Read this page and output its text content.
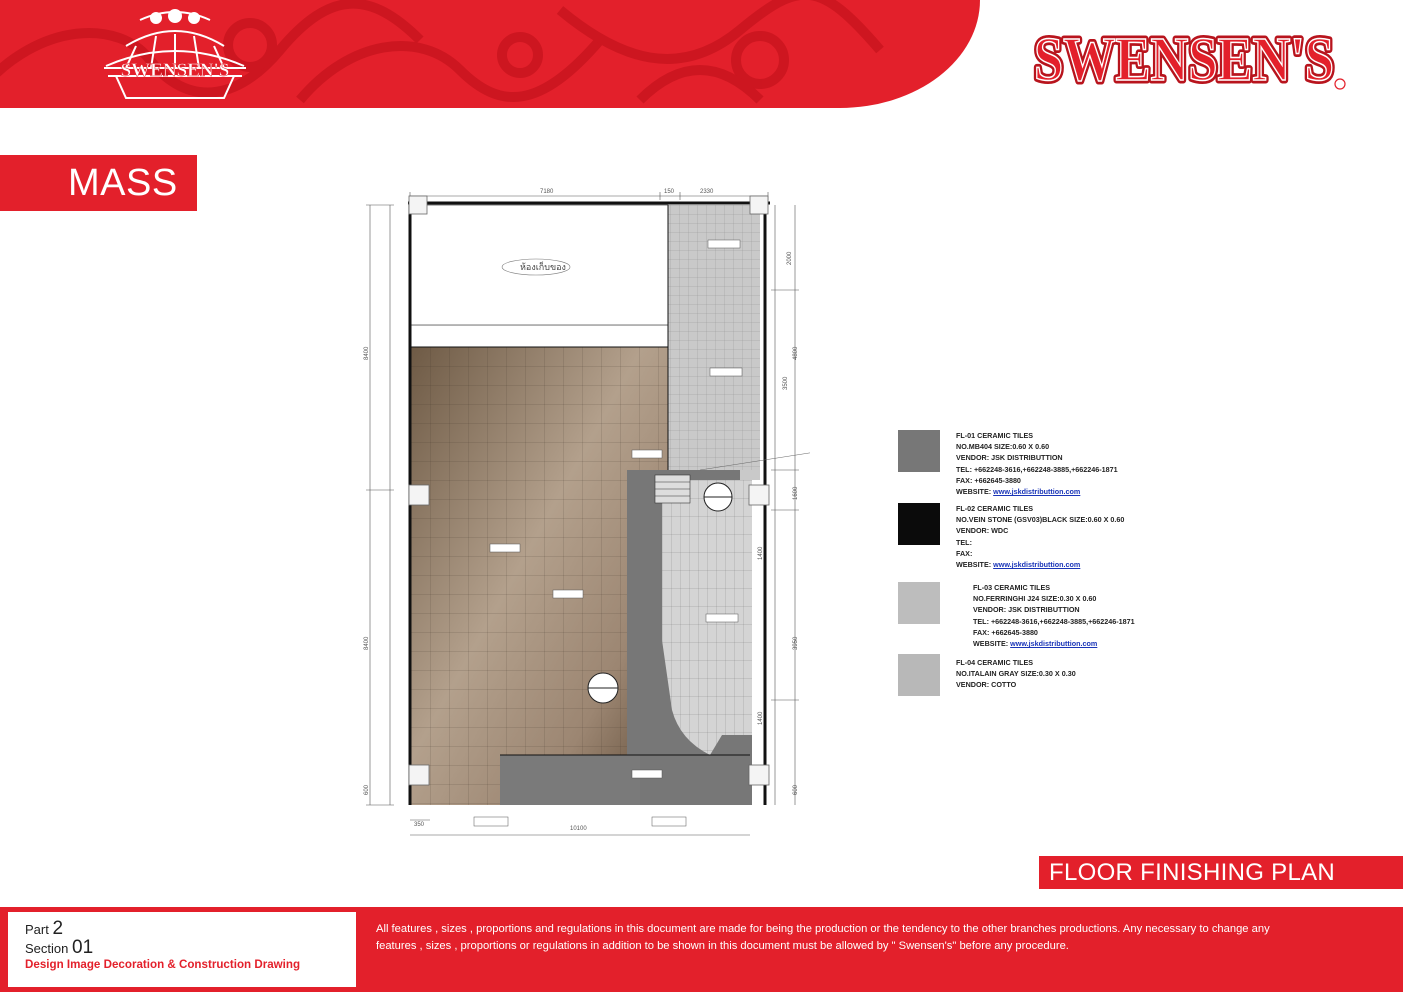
SWENSEN'S	SWENSEN'S
SWENSEN'S
MASS	7180	150	2330
350
10100
8400
8400
600
2000
3500
4800
1400
1400
3950
1600
600
ห้องเก็บของ
FL-01 CERAMIC TILES
NO.MB404 SIZE:0.60 X 0.60
VENDOR: JSK DISTRIBUTTION
TEL: +662248-3616,+662248-3885,+662246-1871
FAX: +662645-3880
WEBSITE: www.jskdistributtion.com
FL-02 CERAMIC TILES
NO.VEIN STONE (GSV03)BLACK SIZE:0.60 X 0.60
VENDOR: WDC
TEL:
FAX:
WEBSITE: www.jskdistributtion.com
FL-03 CERAMIC TILES
NO.FERRINGHI J24 SIZE:0.30 X 0.60
VENDOR: JSK DISTRIBUTTION
TEL: +662248-3616,+662248-3885,+662246-1871
FAX: +662645-3880
WEBSITE: www.jskdistributtion.com
FL-04 CERAMIC TILES
NO.ITALAIN GRAY SIZE:0.30 X 0.30
VENDOR: COTTO
FLOOR FINISHING PLAN
Part 2
Section 01
Design Image Decoration & Construction Drawing
All features , sizes , proportions and regulations in this document are made for being the production or the tendency to the other branches productions. Any necessary to change any features , sizes , proportions or regulations in addition to be shown in this document must be allowed by " Swensen's" before any procedure.
